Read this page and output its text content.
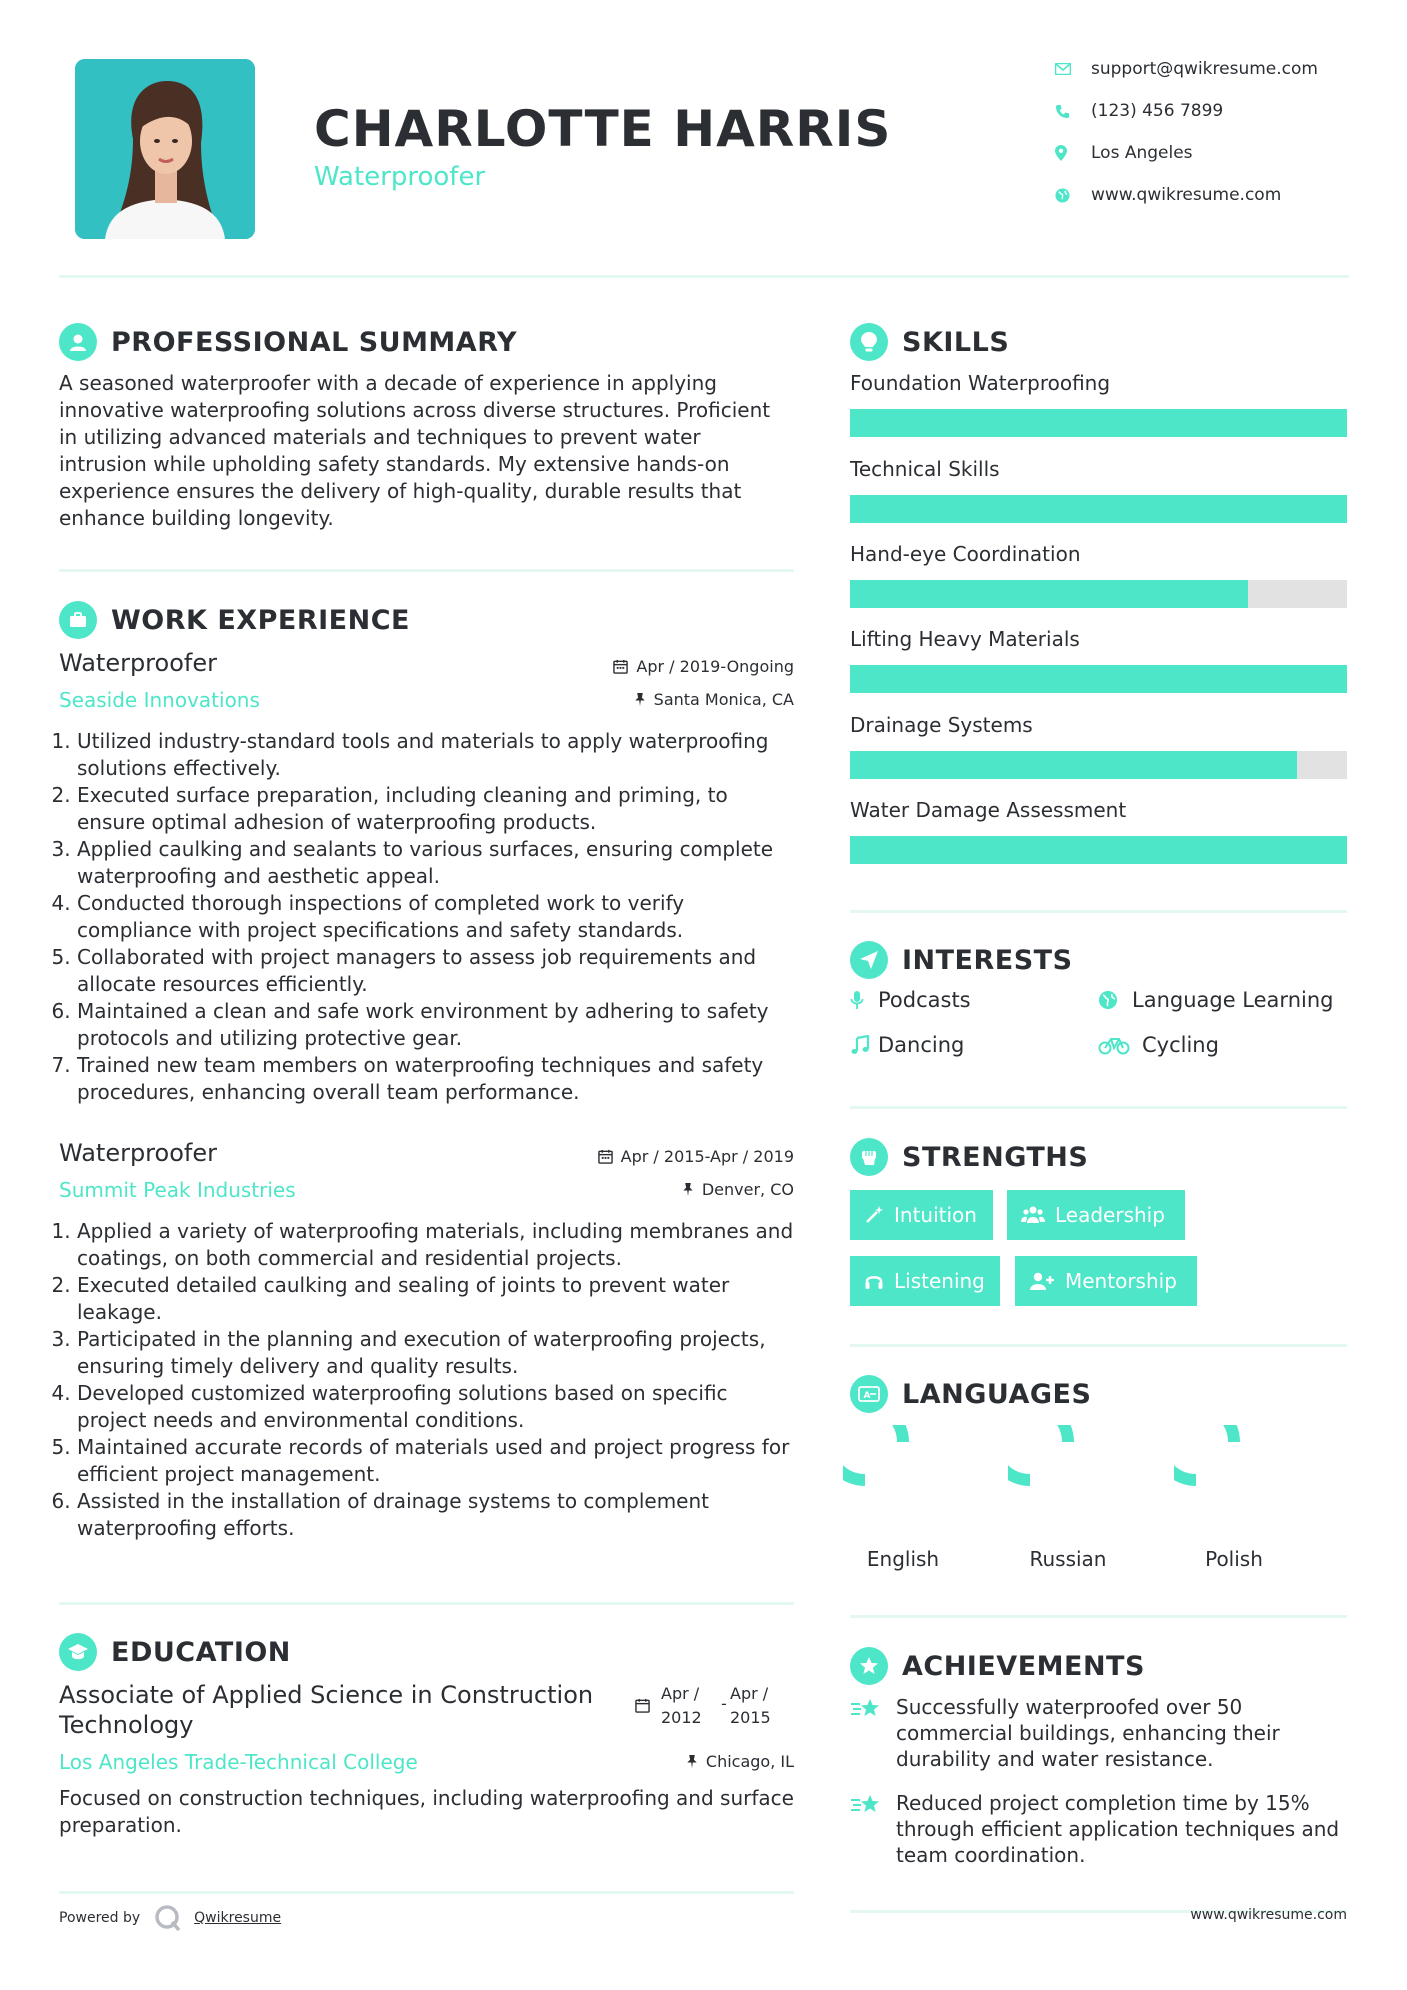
CHARLOTTE HARRIS
Waterproofer
support@qwikresume.com
(123) 456 7899
Los Angeles
www.qwikresume.com
PROFESSIONAL SUMMARY
A seasoned waterproofer with a decade of experience in applying innovative waterproofing solutions across diverse structures. Proficient in utilizing advanced materials and techniques to prevent water intrusion while upholding safety standards. My extensive hands-on experience ensures the delivery of high-quality, durable results that enhance building longevity.
WORK EXPERIENCE
Waterproofer	Apr / 2019-Ongoing
Seaside Innovations	Santa Monica, CA
1. Utilized industry-standard tools and materials to apply waterproofing solutions effectively.
2. Executed surface preparation, including cleaning and priming, to ensure optimal adhesion of waterproofing products.
3. Applied caulking and sealants to various surfaces, ensuring complete waterproofing and aesthetic appeal.
4. Conducted thorough inspections of completed work to verify compliance with project specifications and safety standards.
5. Collaborated with project managers to assess job requirements and allocate resources efficiently.
6. Maintained a clean and safe work environment by adhering to safety protocols and utilizing protective gear.
7. Trained new team members on waterproofing techniques and safety procedures, enhancing overall team performance.
Waterproofer	Apr / 2015-Apr / 2019
Summit Peak Industries	Denver, CO
1. Applied a variety of waterproofing materials, including membranes and coatings, on both commercial and residential projects.
2. Executed detailed caulking and sealing of joints to prevent water leakage.
3. Participated in the planning and execution of waterproofing projects, ensuring timely delivery and quality results.
4. Developed customized waterproofing solutions based on specific project needs and environmental conditions.
5. Maintained accurate records of materials used and project progress for efficient project management.
6. Assisted in the installation of drainage systems to complement waterproofing efforts.
EDUCATION
Associate of Applied Science in Construction Technology
Apr /
2012
-
Apr /
2015
Los Angeles Trade-Technical College	Chicago, IL
Focused on construction techniques, including waterproofing and surface preparation.
Powered by	Qwikresume
SKILLS
Foundation Waterproofing
Technical Skills
Hand-eye Coordination
Lifting Heavy Materials
Drainage Systems
Water Damage Assessment
INTERESTS
Podcasts	Language Learning
Dancing	Cycling
STRENGTHS
Intuition	Leadership
Listening	Mentorship
A LANGUAGES
English	Russian	Polish
ACHIEVEMENTS
Successfully waterproofed over 50 commercial buildings, enhancing their durability and water resistance.
Reduced project completion time by 15% through efficient application techniques and team coordination.
www.qwikresume.com
